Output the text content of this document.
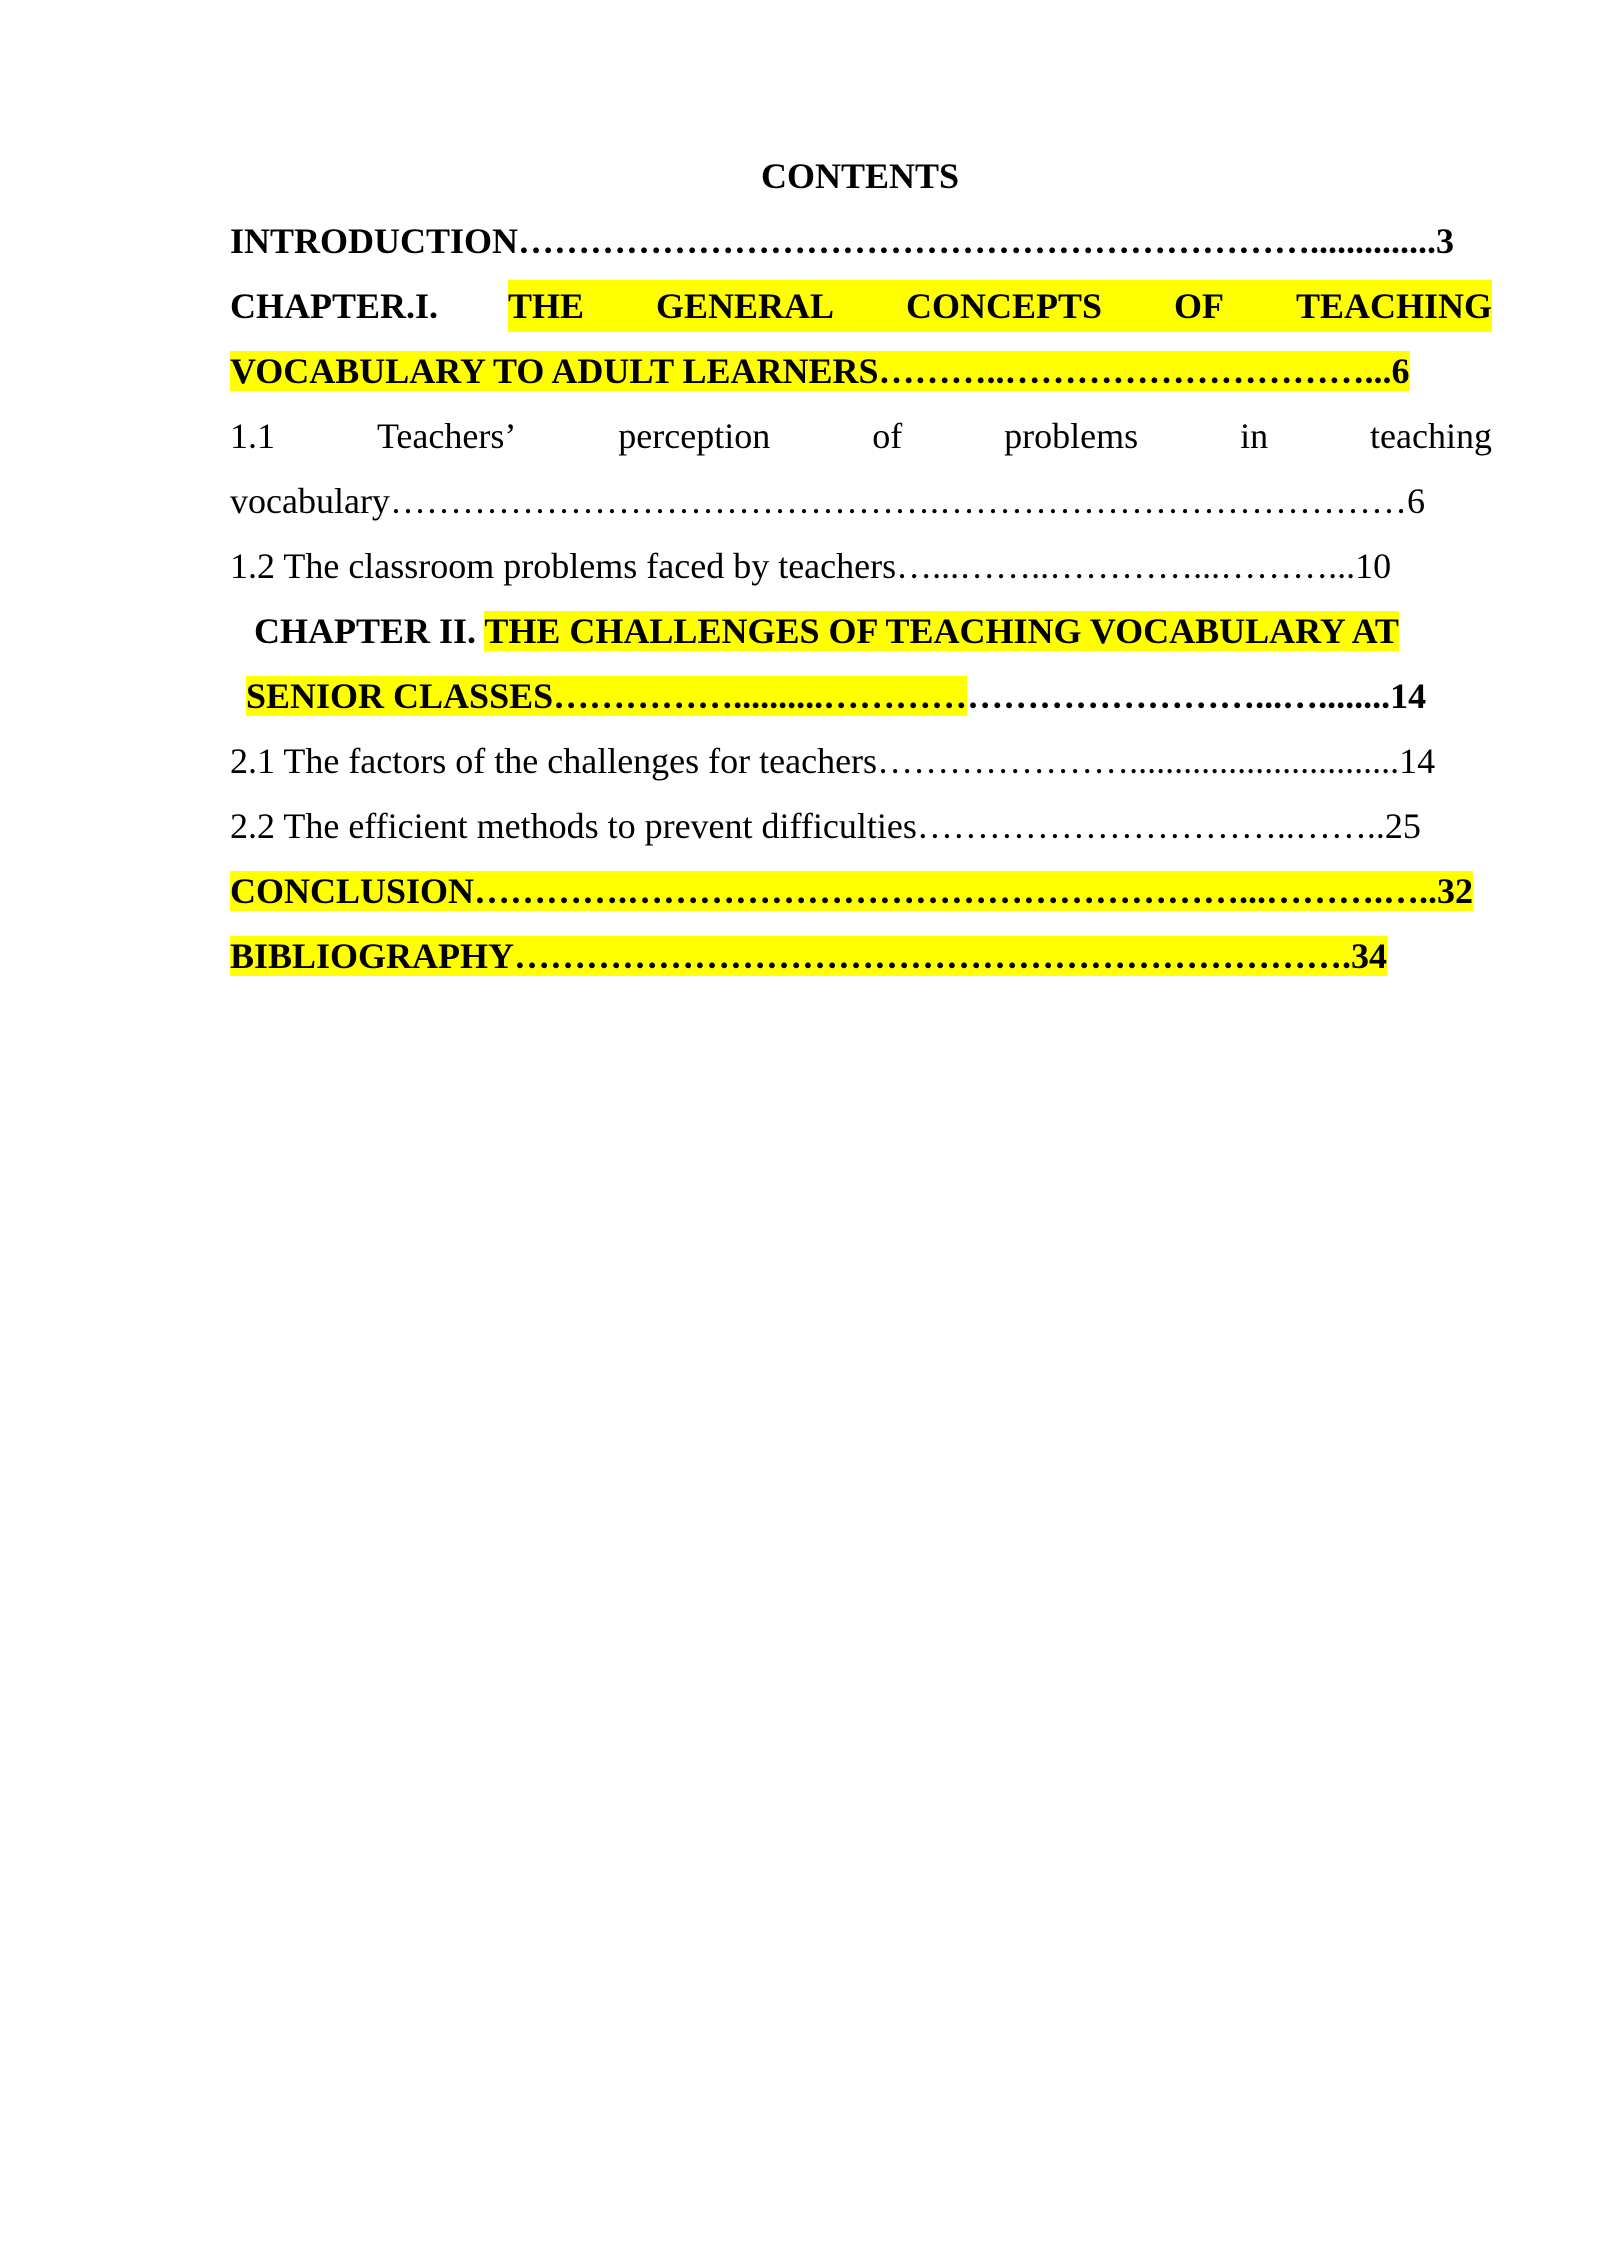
CONTENTS
INTRODUCTION…………………………………………………………..............3
CHAPTER.I.	THE GENERAL CONCEPTS OF TEACHING
VOCABULARY TO ADULT LEARNERS………..…………………………...6
1.1	Teachers’	perception	of	problems	in	teaching
vocabulary……………………………………….…………………………………6
1.2 The classroom problems faced by teachers…...……..…………...………...10
CHAPTER II. THE CHALLENGES OF TEACHING VOCABULARY AT
SENIOR CLASSES……………..........………………………………...…........14
2.1 The factors of the challenges for teachers…………………..............................14
2.2 The efficient methods to prevent difficulties…………………………..……..25
CONCLUSION………….……………………………………………...……….…..32
BIBLIOGRAPHY…………………………………………………………….34
